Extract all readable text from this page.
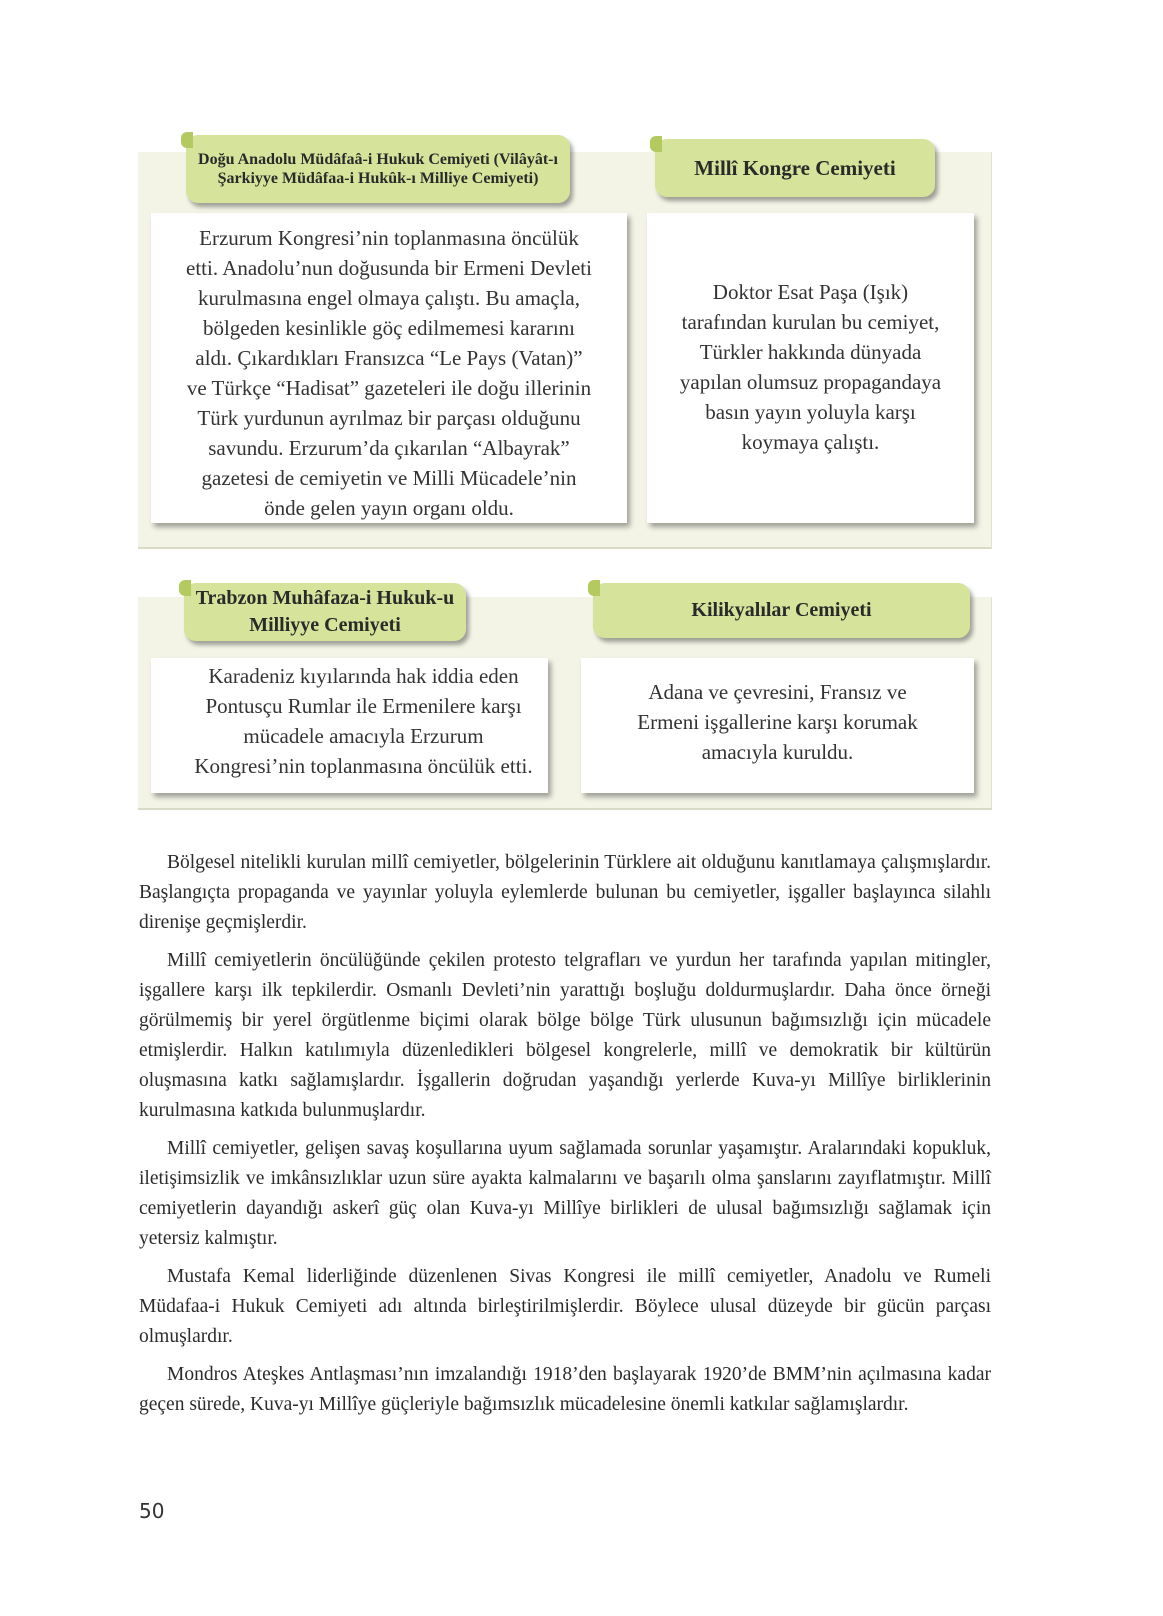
Erzurum Kongresi’nin toplanmasına öncülük etti. Anadolu’nun doğusunda bir Ermeni Devleti kurulmasına engel olmaya çalıştı. Bu amaçla, bölgeden kesinlikle göç edilmemesi kararını aldı. Çıkardıkları Fransızca “Le Pays (Vatan)” ve Türkçe “Hadisat” gazeteleri ile doğu illerinin Türk yurdunun ayrılmaz bir parçası olduğunu savundu. Erzurum’da çıkarılan “Albayrak” gazetesi de cemiyetin ve Milli Mücadele’nin önde gelen yayın organı oldu.

Doğu Anadolu Müdâfaâ-i Hukuk Cemiyeti (Vilâyât-ı Şarkiyye Müdâfaa-i Hukûk-ı Milliye Cemiyeti)

Doktor Esat Paşa (Işık) tarafından kurulan bu cemiyet, Türkler hakkında dünyada yapılan olumsuz propagandaya basın yayın yoluyla karşı koymaya çalıştı.

Millî Kongre Cemiyeti

Karadeniz kıyılarında hak iddia eden Pontusçu Rumlar ile Ermenilere karşı mücadele amacıyla Erzurum Kongresi’nin toplanmasına öncülük etti.

Trabzon Muhâfaza-i Hukuk-u Milliyye Cemiyeti

Adana ve çevresini, Fransız ve Ermeni işgallerine karşı korumak amacıyla kuruldu.

Kilikyalılar Cemiyeti

Bölgesel nitelikli kurulan millî cemiyetler, bölgelerinin Türklere ait olduğunu kanıtlamaya çalışmışlardır. Başlangıçta propaganda ve yayınlar yoluyla eylemlerde bulunan bu cemiyetler, işgaller başlayınca silahlı direnişe geçmişlerdir.

Millî cemiyetlerin öncülüğünde çekilen protesto telgrafları ve yurdun her tarafında yapılan mitingler, işgallere karşı ilk tepkilerdir. Osmanlı Devleti’nin yarattığı boşluğu doldurmuşlardır. Daha önce örneği görülmemiş bir yerel örgütlenme biçimi olarak bölge bölge Türk ulusunun bağımsızlığı için mücadele etmişlerdir. Halkın katılımıyla düzenledikleri bölgesel kongrelerle, millî ve demokratik bir kültürün oluşmasına katkı sağlamışlardır. İşgallerin doğrudan yaşandığı yerlerde Kuva-yı Millîye birliklerinin kurulmasına katkıda bulunmuşlardır.

Millî cemiyetler, gelişen savaş koşullarına uyum sağlamada sorunlar yaşamıştır. Aralarındaki kopukluk, iletişimsizlik ve imkânsızlıklar uzun süre ayakta kalmalarını ve başarılı olma şanslarını zayıflatmıştır. Millî cemiyetlerin dayandığı askerî güç olan Kuva-yı Millîye birlikleri de ulusal bağımsızlığı sağlamak için yetersiz kalmıştır.

Mustafa Kemal liderliğinde düzenlenen Sivas Kongresi ile millî cemiyetler, Anadolu ve Rumeli Müdafaa-i Hukuk Cemiyeti adı altında birleştirilmişlerdir. Böylece ulusal düzeyde bir gücün parçası olmuşlardır.

Mondros Ateşkes Antlaşması’nın imzalandığı 1918’den başlayarak 1920’de BMM’nin açılmasına kadar geçen sürede, Kuva-yı Millîye güçleriyle bağımsızlık mücadelesine önemli katkılar sağlamışlardır.

50
